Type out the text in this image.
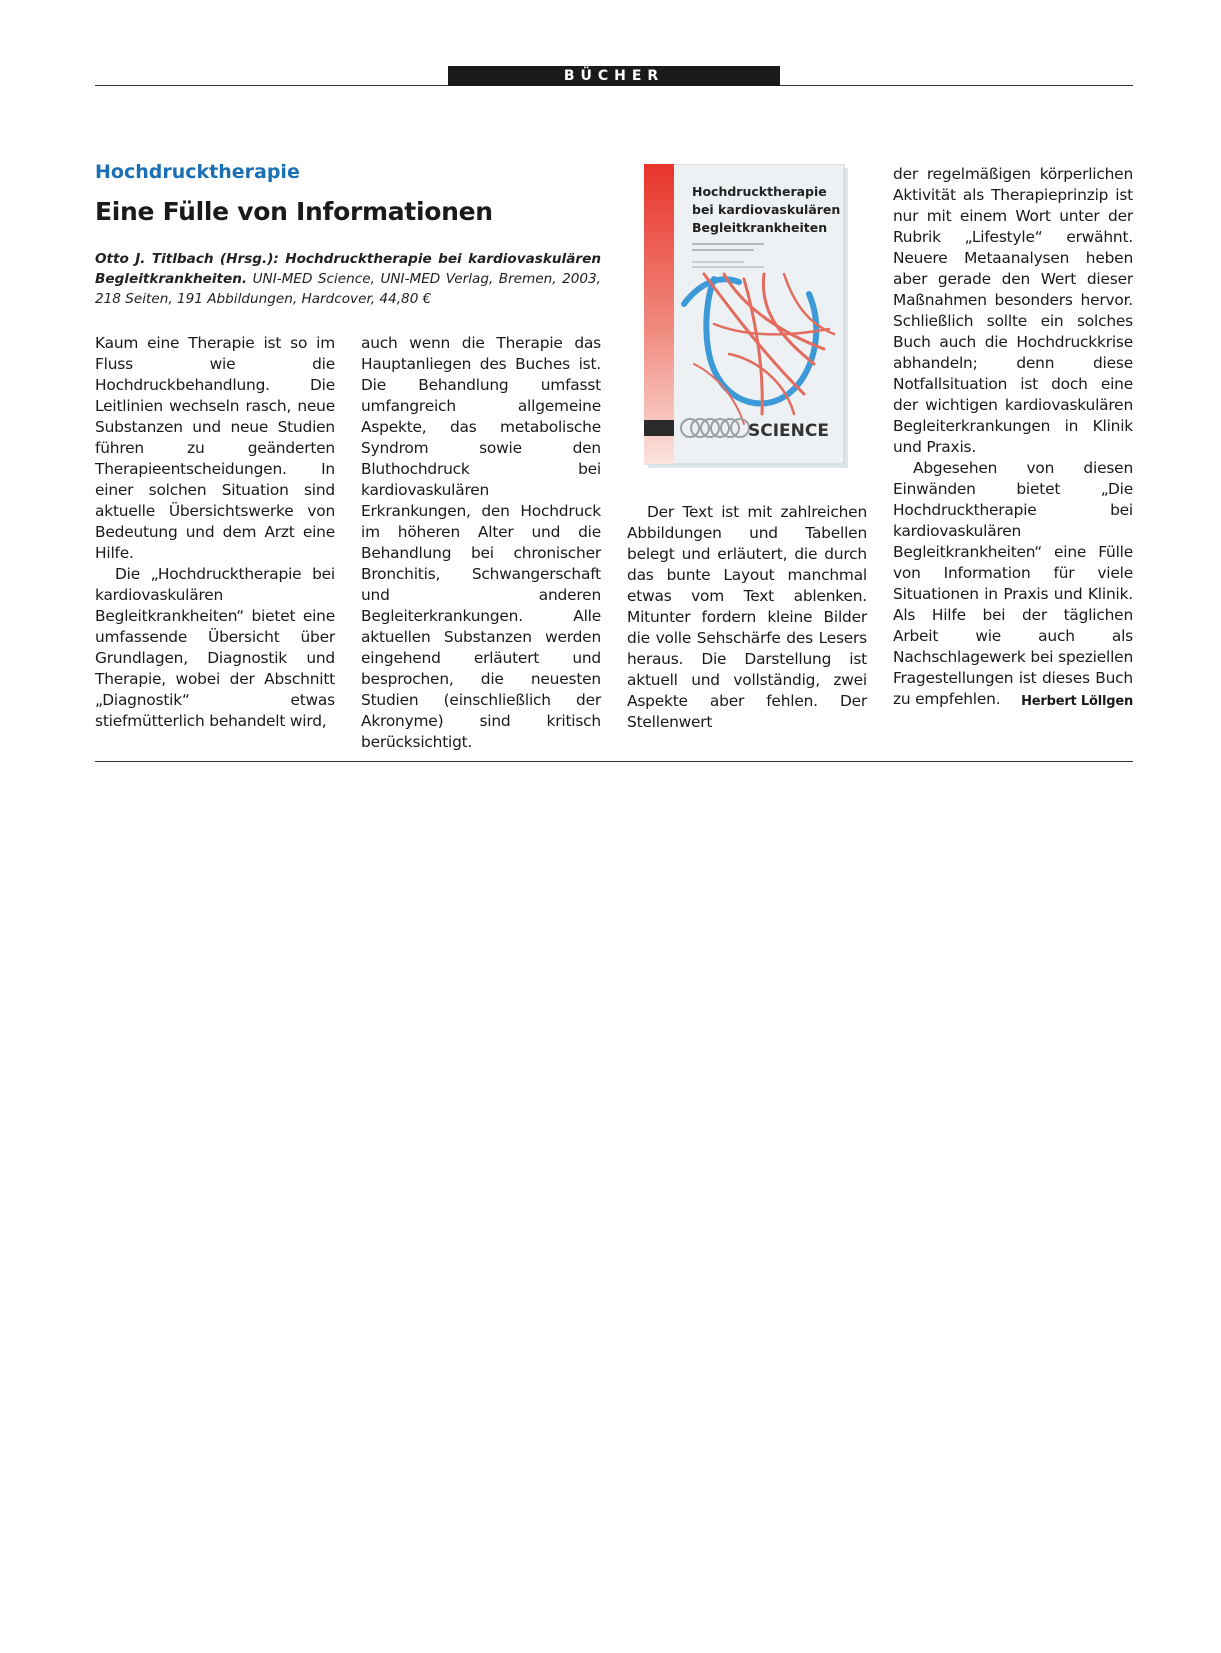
BÜCHER
Hochdrucktherapie
Eine Fülle von Informationen
Otto J. Titlbach (Hrsg.): Hochdrucktherapie bei kardiovaskulären Begleitkrankheiten. UNI-MED Science, UNI-MED Verlag, Bremen, 2003, 218 Seiten, 191 Abbildungen, Hardcover, 44,80 €

Kaum eine Therapie ist so im Fluss wie die Hochdruckbehandlung. Die Leitlinien wechseln rasch, neue Substanzen und neue Studien führen zu geänderten Therapieentscheidungen. In einer solchen Situation sind aktuelle Übersichtswerke von Bedeutung und dem Arzt eine Hilfe.

Die „Hochdrucktherapie bei kardiovaskulären Begleitkrankheiten“ bietet eine umfassende Übersicht über Grundlagen, Diagnostik und Therapie, wobei der Abschnitt „Diagnostik“ etwas stiefmütterlich behandelt wird,

auch wenn die Therapie das Hauptanliegen des Buches ist. Die Behandlung umfasst umfangreich allgemeine Aspekte, das metabolische Syndrom sowie den Bluthochdruck bei kardiovaskulären Erkrankungen, den Hochdruck im höheren Alter und die Behandlung bei chronischer Bronchitis, Schwangerschaft und anderen Begleiterkrankungen. Alle aktuellen Substanzen werden eingehend erläutert und besprochen, die neuesten Studien (einschließlich der Akronyme) sind kritisch berücksichtigt.

Hochdrucktherapie
bei kardiovaskulären
Begleitkrankheiten
SCIENCE

Der Text ist mit zahlreichen Abbildungen und Tabellen belegt und erläutert, die durch das bunte Layout manchmal etwas vom Text ablenken. Mitunter fordern kleine Bilder die volle Sehschärfe des Lesers heraus. Die Darstellung ist aktuell und vollständig, zwei Aspekte aber fehlen. Der Stellenwert

der regelmäßigen körperlichen Aktivität als Therapieprinzip ist nur mit einem Wort unter der Rubrik „Lifestyle“ erwähnt. Neuere Metaanalysen heben aber gerade den Wert dieser Maßnahmen besonders hervor. Schließlich sollte ein solches Buch auch die Hochdruckkrise abhandeln; denn diese Notfallsituation ist doch eine der wichtigen kardiovaskulären Begleiterkrankungen in Klinik und Praxis.

Abgesehen von diesen Einwänden bietet „Die Hochdrucktherapie bei kardiovaskulären Begleitkrankheiten“ eine Fülle von Information für viele Situationen in Praxis und Klinik. Als Hilfe bei der täglichen Arbeit wie auch als Nachschlagewerk bei speziellen Fragestellungen ist dieses Buch zu empfehlen.	Herbert Löllgen
